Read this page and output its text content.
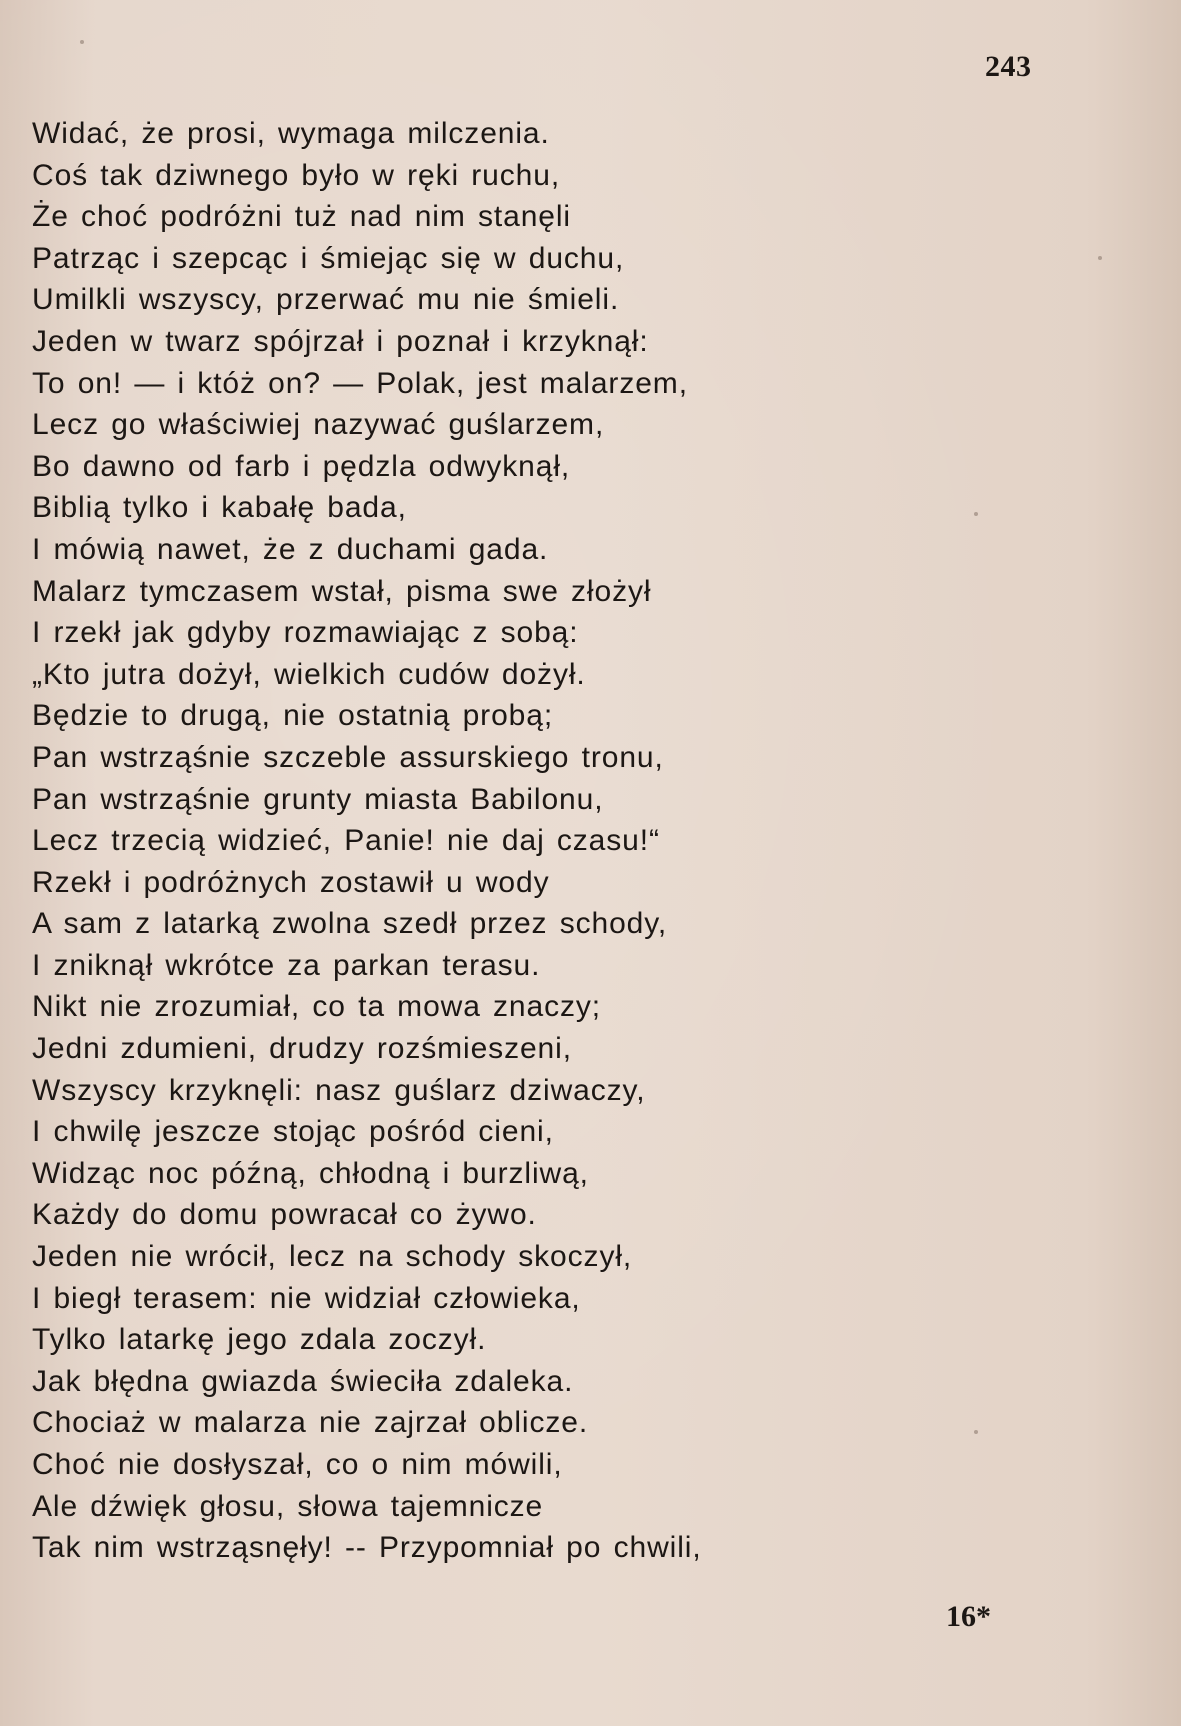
243
Widać, że prosi, wymaga milczenia.
Coś tak dziwnego było w ręki ruchu,
Że choć podróżni tuż nad nim stanęli
Patrząc i szepcąc i śmiejąc się w duchu,
Umilkli wszyscy, przerwać mu nie śmieli.
Jeden w twarz spójrzał i poznał i krzyknął:
To on! — i któż on? — Polak, jest malarzem,
Lecz go właściwiej nazywać guślarzem,
Bo dawno od farb i pędzla odwyknął,
Biblią tylko i kabałę bada,
I mówią nawet, że z duchami gada.
Malarz tymczasem wstał, pisma swe złożył
I rzekł jak gdyby rozmawiając z sobą:
„Kto jutra dożył, wielkich cudów dożył.
Będzie to drugą, nie ostatnią probą;
Pan wstrząśnie szczeble assurskiego tronu,
Pan wstrząśnie grunty miasta Babilonu,
Lecz trzecią widzieć, Panie! nie daj czasu!“
Rzekł i podróżnych zostawił u wody
A sam z latarką zwolna szedł przez schody,
I zniknął wkrótce za parkan terasu.
Nikt nie zrozumiał, co ta mowa znaczy;
Jedni zdumieni, drudzy rozśmieszeni,
Wszyscy krzyknęli: nasz guślarz dziwaczy,
I chwilę jeszcze stojąc pośród cieni,
Widząc noc późną, chłodną i burzliwą,
Każdy do domu powracał co żywo.
Jeden nie wrócił, lecz na schody skoczył,
I biegł terasem: nie widział człowieka,
Tylko latarkę jego zdala zoczył.
Jak błędna gwiazda świeciła zdaleka.
Chociaż w malarza nie zajrzał oblicze.
Choć nie dosłyszał, co o nim mówili,
Ale dźwięk głosu, słowa tajemnicze
Tak nim wstrząsnęły! -- Przypomniał po chwili,
16*
